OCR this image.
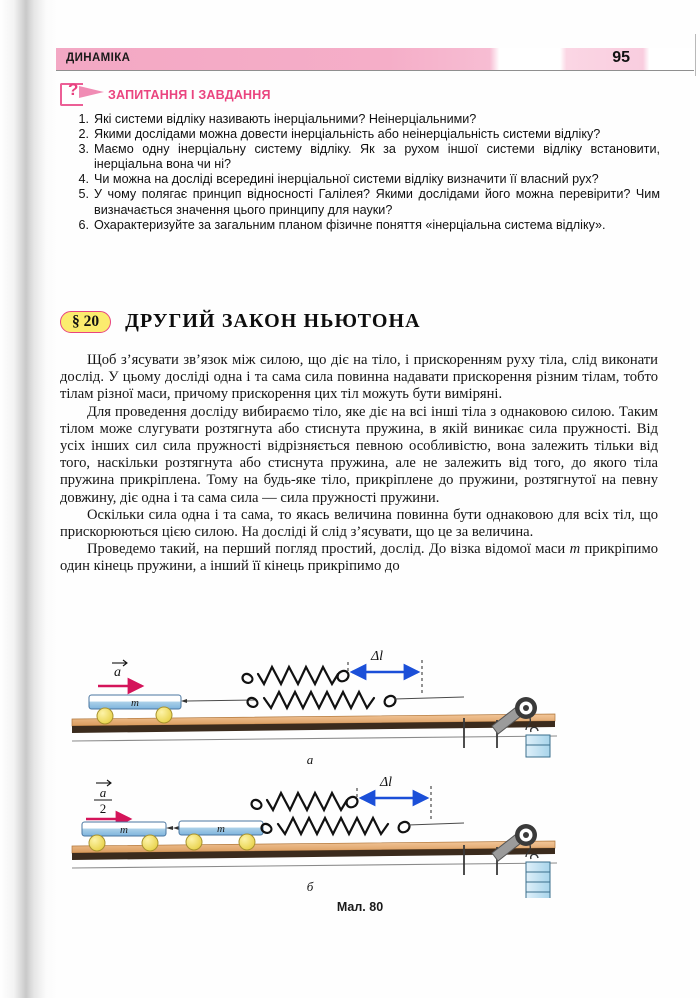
ДИНАМІКА	95
? ЗАПИТАННЯ І ЗАВДАННЯ
1. Які системи відліку називають інерціальними? Неінерціальними?
2. Якими дослідами можна довести інерціальність або неінерціальність системи відліку?
3. Маємо одну інерціальну систему відліку. Як за рухом іншої системи відліку встановити, інерціальна вона чи ні?
4. Чи можна на досліді всередині інерціальної системи відліку визначити її власний рух?
5. У чому полягає принцип відносності Галілея? Якими дослідами його можна перевірити? Чим визначається значення цього принципу для науки?
6. Охарактеризуйте за загальним планом фізичне поняття «інерціальна система відліку».
§ 20	ДРУГИЙ ЗАКОН НЬЮТОНА

Щоб з’ясувати зв’язок між силою, що діє на тіло, і прискоренням руху тіла, слід виконати дослід. У цьому досліді одна і та сама сила повинна надавати прискорення різним тілам, тобто тілам різної маси, причому прискорення цих тіл можуть бути виміряні.

Для проведення досліду вибираємо тіло, яке діє на всі інші тіла з однаковою силою. Таким тілом може слугувати розтягнута або стиснута пружина, в якій виникає сила пружності. Від усіх інших сил сила пружності відрізняється певною особливістю, вона залежить тільки від того, наскільки розтягнута або стиснута пружина, але не залежить від того, до якого тіла пружина прикріплена. Тому на будь-яке тіло, прикріплене до пружини, розтягнутої на певну довжину, діє одна і та сама сила — сила пружності пружини.

Оскільки сила одна і та сама, то якась величина повинна бути однаковою для всіх тіл, що прискорюються цією силою. На досліді й слід з’ясувати, що це за величина.

Проведемо такий, на перший погляд простий, дослід. До візка відомої маси m прикріпимо один кінець пружини, а інший її кінець прикріпимо до

a
m
Δl
а
a
2
m	m
Δl
б
Мал. 80
